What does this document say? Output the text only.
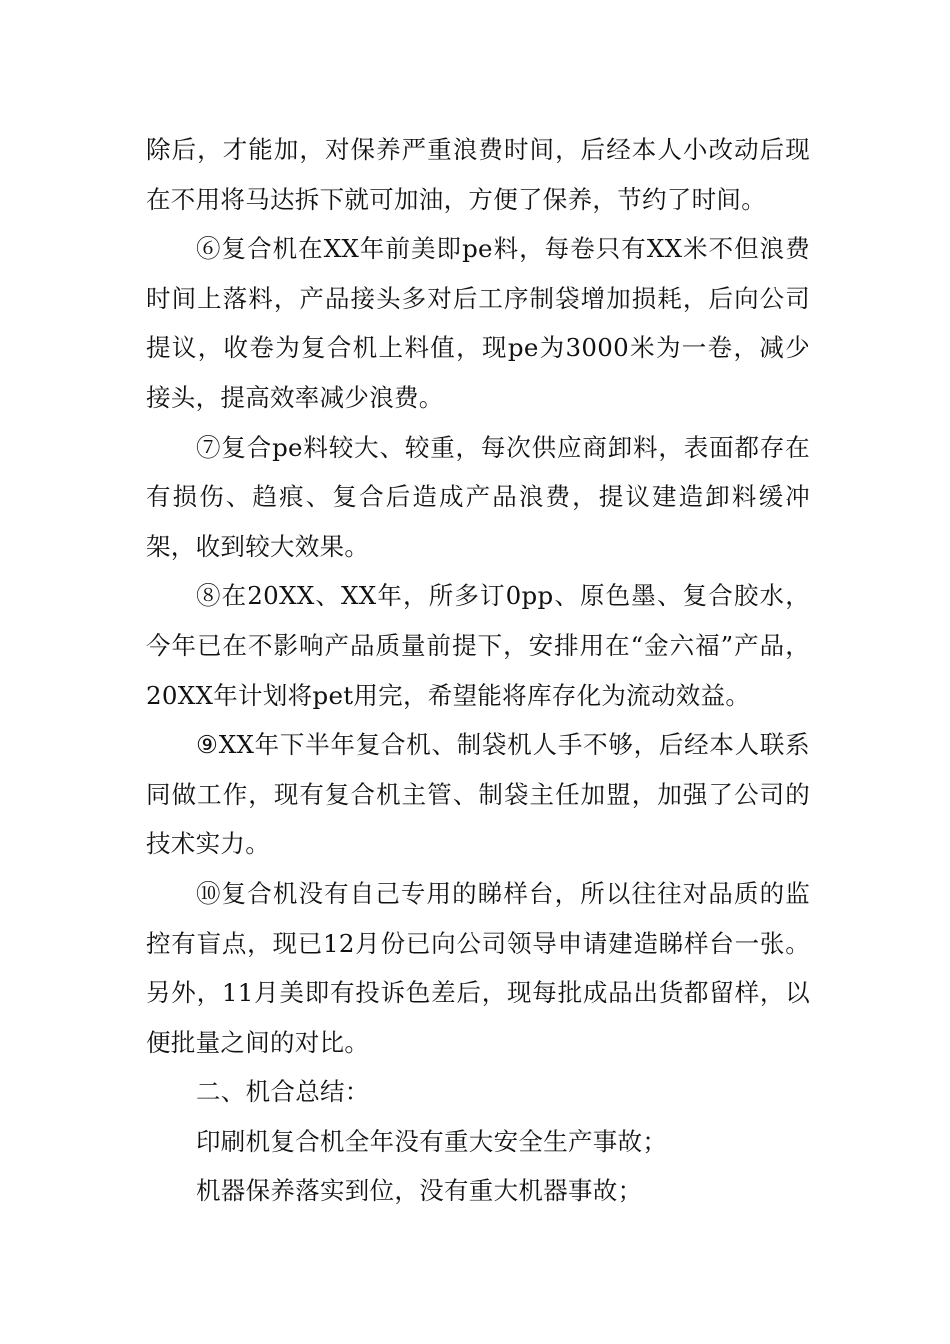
除后，才能加，对保养严重浪费时间，后经本人小改动后现在不用将马达拆下就可加油，方便了保养，节约了时间。

⑥复合机在XX年前美即pe料，每卷只有XX米不但浪费时间上落料，产品接头多对后工序制袋增加损耗，后向公司提议，收卷为复合机上料值，现pe为3000米为一卷，减少接头，提高效率减少浪费。

⑦复合pe料较大、较重，每次供应商卸料，表面都存在有损伤、趋痕、复合后造成产品浪费，提议建造卸料缓冲架，收到较大效果。

⑧在20XX、XX年，所多订0pp、原色墨、复合胶水，今年已在不影响产品质量前提下，安排用在“金六福”产品，20XX年计划将pet用完，希望能将库存化为流动效益。

⑨XX年下半年复合机、制袋机人手不够，后经本人联系同做工作，现有复合机主管、制袋主任加盟，加强了公司的技术实力。

⑩复合机没有自己专用的睇样台，所以往往对品质的监控有盲点，现已12月份已向公司领导申请建造睇样台一张。另外，11月美即有投诉色差后，现每批成品出货都留样，以便批量之间的对比。

二、机合总结：

印刷机复合机全年没有重大安全生产事故；

机器保养落实到位，没有重大机器事故；
